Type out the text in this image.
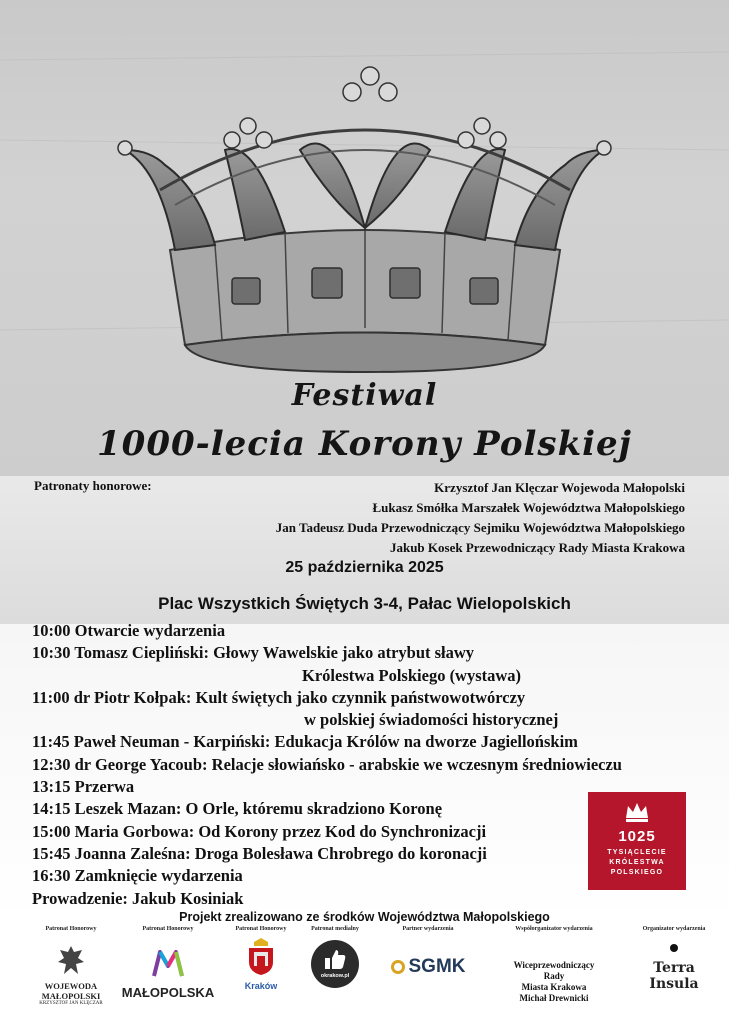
Festiwal
1000-lecia Korony Polskiej
Patronaty honorowe:	Krzysztof Jan Klęczar Wojewoda Małopolski
Łukasz Smółka Marszałek Województwa Małopolskiego
Jan Tadeusz Duda Przewodniczący Sejmiku Województwa Małopolskiego
Jakub Kosek Przewodniczący Rady Miasta Krakowa
25 października 2025
Plac Wszystkich Świętych 3-4, Pałac Wielopolskich
10:00 Otwarcie wydarzenia
10:30 Tomasz Ciepliński: Głowy Wawelskie jako atrybut sławy
Królestwa Polskiego (wystawa)
11:00 dr Piotr Kołpak: Kult świętych jako czynnik państwowotwórczy
w polskiej świadomości historycznej
11:45 Paweł Neuman - Karpiński: Edukacja Królów na dworze Jagiellońskim
12:30 dr George Yacoub: Relacje słowiańsko - arabskie we wczesnym średniowieczu
13:15 Przerwa
14:15 Leszek Mazan: O Orle, któremu skradziono Koronę
15:00 Maria Gorbowa: Od Korony przez Kod do Synchronizacji
15:45 Joanna Zaleśna: Droga Bolesława Chrobrego do koronacji
16:30 Zamknięcie wydarzenia
Prowadzenie: Jakub Kosiniak
1025
TYSIĄCLECIE
KRÓLESTWA
POLSKIEGO
Projekt zrealizowano ze środków Województwa Małopolskiego
Patronat Honorowy
WOJEWODA
MAŁOPOLSKI
KRZYSZTOF JAN KLĘCZAR
Patronat Honorowy
MAŁOPOLSKA
Patronat Honorowy
Kraków
Patronat medialny
okrakow.pl
Partner wydarzenia
SGMK
Współorganizator wydarzenia
Wiceprzewodniczący
Rady
Miasta Krakowa
Michał Drewnicki
Organizator wydarzenia
Terra
Insula
